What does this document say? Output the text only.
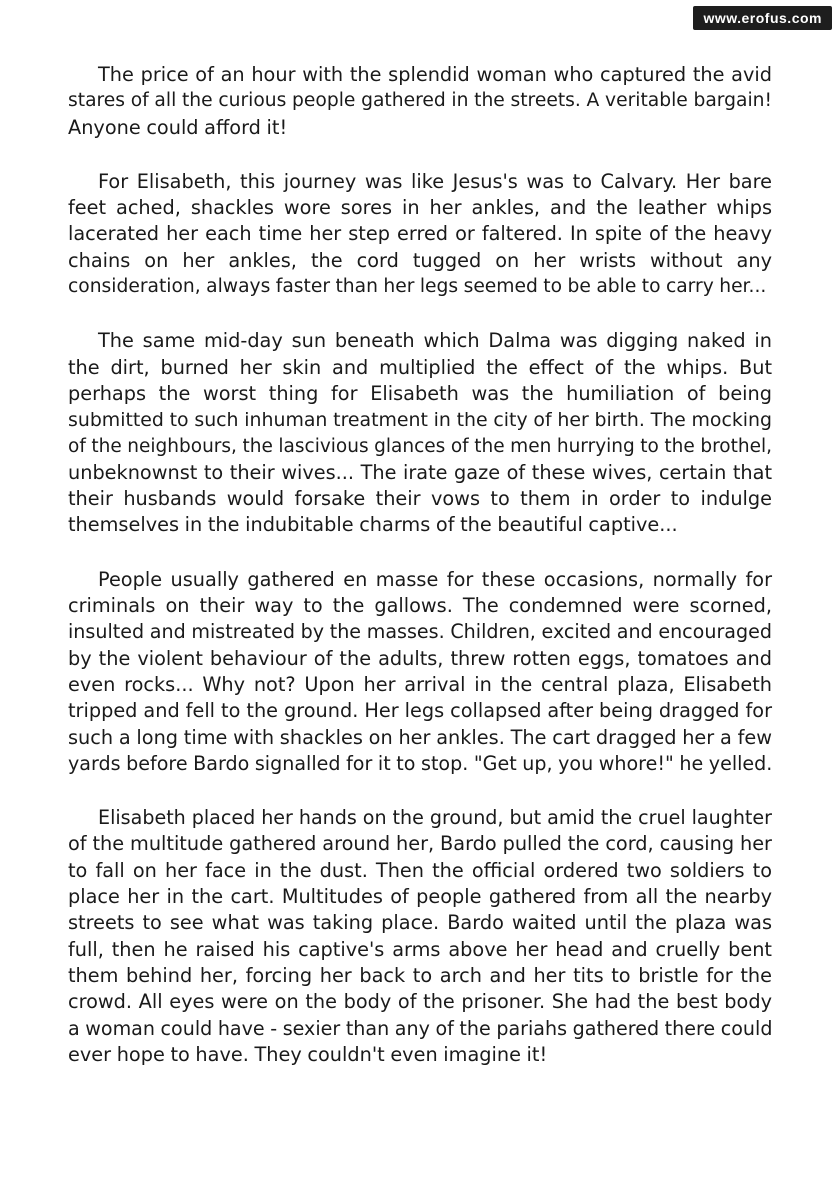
www.erofus.com
The price of an hour with the splendid woman who captured the avid
stares of all the curious people gathered in the streets. A veritable bargain!
Anyone could afford it!
For Elisabeth, this journey was like Jesus's was to Calvary. Her bare
feet ached, shackles wore sores in her ankles, and the leather whips
lacerated her each time her step erred or faltered. In spite of the heavy
chains on her ankles, the cord tugged on her wrists without any
consideration, always faster than her legs seemed to be able to carry her...
The same mid-day sun beneath which Dalma was digging naked in
the dirt, burned her skin and multiplied the effect of the whips. But
perhaps the worst thing for Elisabeth was the humiliation of being
submitted to such inhuman treatment in the city of her birth. The mocking
of the neighbours, the lascivious glances of the men hurrying to the brothel,
unbeknownst to their wives... The irate gaze of these wives, certain that
their husbands would forsake their vows to them in order to indulge
themselves in the indubitable charms of the beautiful captive...
People usually gathered en masse for these occasions, normally for
criminals on their way to the gallows. The condemned were scorned,
insulted and mistreated by the masses. Children, excited and encouraged
by the violent behaviour of the adults, threw rotten eggs, tomatoes and
even rocks... Why not? Upon her arrival in the central plaza, Elisabeth
tripped and fell to the ground. Her legs collapsed after being dragged for
such a long time with shackles on her ankles. The cart dragged her a few
yards before Bardo signalled for it to stop. "Get up, you whore!" he yelled.
Elisabeth placed her hands on the ground, but amid the cruel laughter
of the multitude gathered around her, Bardo pulled the cord, causing her
to fall on her face in the dust. Then the official ordered two soldiers to
place her in the cart. Multitudes of people gathered from all the nearby
streets to see what was taking place. Bardo waited until the plaza was
full, then he raised his captive's arms above her head and cruelly bent
them behind her, forcing her back to arch and her tits to bristle for the
crowd. All eyes were on the body of the prisoner. She had the best body
a woman could have - sexier than any of the pariahs gathered there could
ever hope to have. They couldn't even imagine it!
